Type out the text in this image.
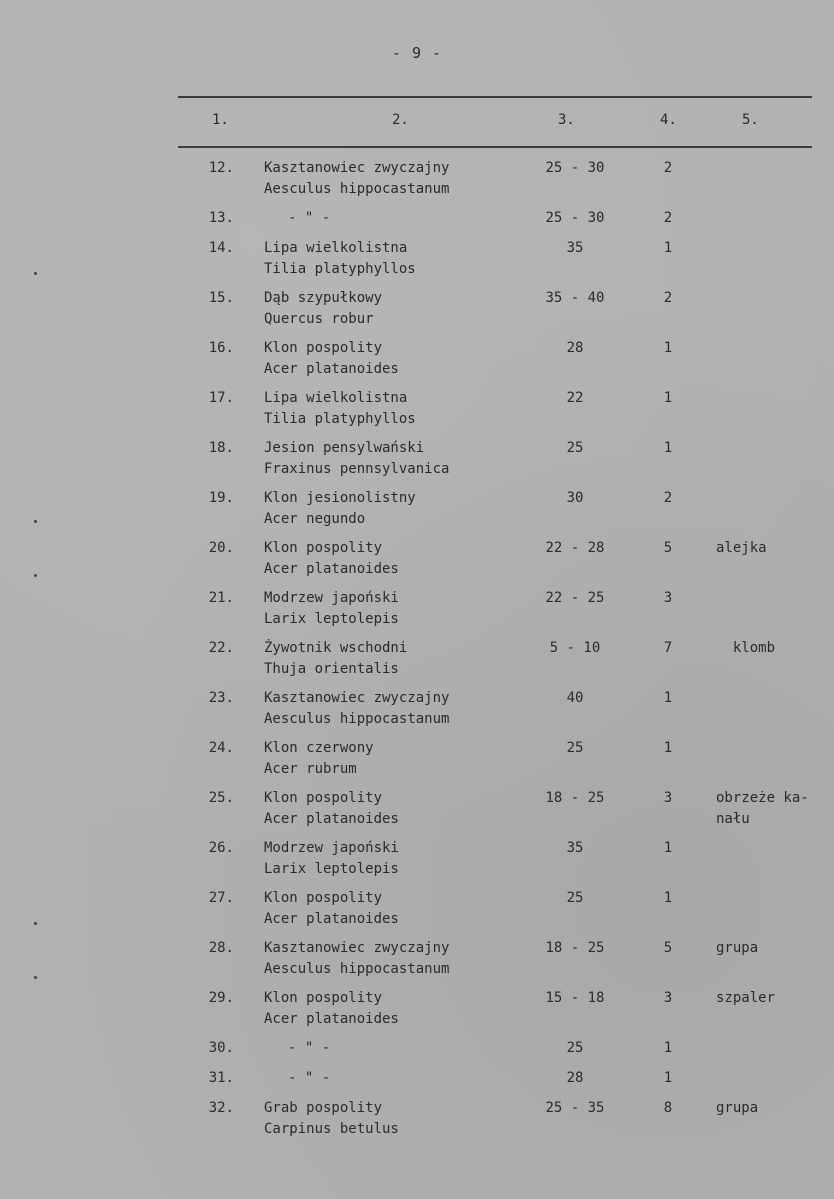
- 9 -
1.	2.	3.	4.	5.
12. Kasztanowiec zwyczajny
Aesculus hippocastanum
25 - 30	2
13.	- " -	25 - 30	2
14. Lipa wielkolistna
Tilia platyphyllos
35	1
15. Dąb szypułkowy
Quercus robur
35 - 40	2
16. Klon pospolity
Acer platanoides
28	1
17. Lipa wielkolistna
Tilia platyphyllos
22	1
18. Jesion pensylwański
Fraxinus pennsylvanica
25	1
19. Klon jesionolistny
Acer negundo
30	2
20. Klon pospolity
Acer platanoides
22 - 28	5	alejka
21. Modrzew japoński
Larix leptolepis
22 - 25	3
22. Żywotnik wschodni
Thuja orientalis
5 - 10	7	klomb
23. Kasztanowiec zwyczajny
Aesculus hippocastanum
40	1
24. Klon czerwony
Acer rubrum
25	1
25. Klon pospolity
Acer platanoides
18 - 25	3	obrzeże ka-
nału
26. Modrzew japoński
Larix leptolepis
35	1
27. Klon pospolity
Acer platanoides
25	1
28. Kasztanowiec zwyczajny
Aesculus hippocastanum
18 - 25	5	grupa
29. Klon pospolity
Acer platanoides
15 - 18	3	szpaler
30.	- " -	25	1
31.	- " -	28	1
32. Grab pospolity
Carpinus betulus
25 - 35	8	grupa
